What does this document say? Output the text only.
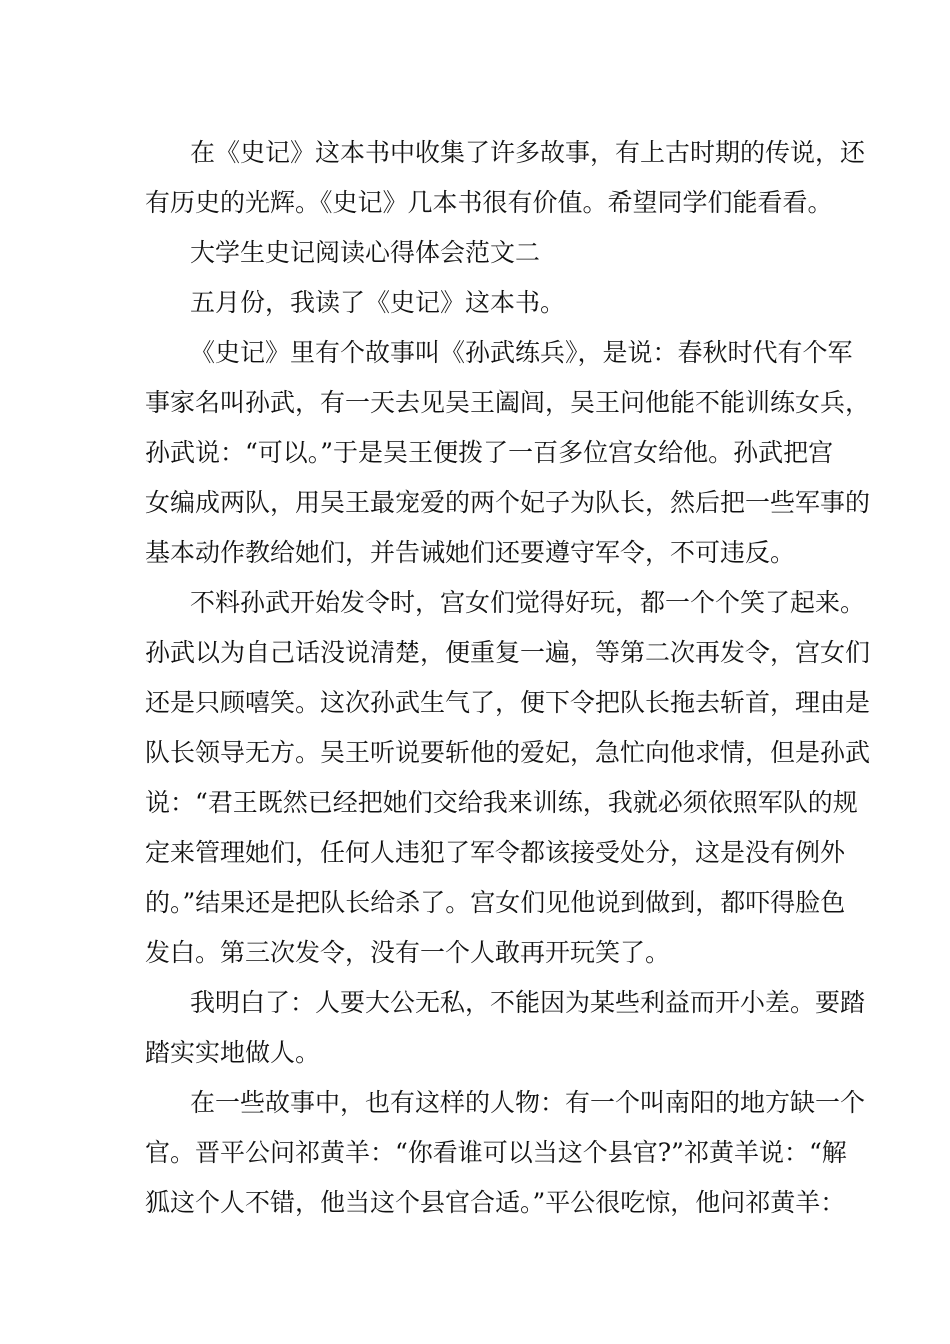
在《史记》这本书中收集了许多故事，有上古时期的传说，还
有历史的光辉。《史记》几本书很有价值。希望同学们能看看。
大学生史记阅读心得体会范文二
五月份，我读了《史记》这本书。
《史记》里有个故事叫《孙武练兵》，是说：春秋时代有个军
事家名叫孙武，有一天去见吴王阖闾，吴王问他能不能训练女兵，
孙武说：“可以。”于是吴王便拨了一百多位宫女给他。孙武把宫
女编成两队，用吴王最宠爱的两个妃子为队长，然后把一些军事的
基本动作教给她们，并告诫她们还要遵守军令，不可违反。
不料孙武开始发令时，宫女们觉得好玩，都一个个笑了起来。
孙武以为自己话没说清楚，便重复一遍，等第二次再发令，宫女们
还是只顾嘻笑。这次孙武生气了，便下令把队长拖去斩首，理由是
队长领导无方。吴王听说要斩他的爱妃，急忙向他求情，但是孙武
说：“君王既然已经把她们交给我来训练，我就必须依照军队的规
定来管理她们，任何人违犯了军令都该接受处分，这是没有例外
的。”结果还是把队长给杀了。宫女们见他说到做到，都吓得脸色
发白。第三次发令，没有一个人敢再开玩笑了。
我明白了：人要大公无私，不能因为某些利益而开小差。要踏
踏实实地做人。
在一些故事中，也有这样的人物：有一个叫南阳的地方缺一个
官。晋平公问祁黄羊：“你看谁可以当这个县官?”祁黄羊说：“解
狐这个人不错，他当这个县官合适。”平公很吃惊，他问祁黄羊：
